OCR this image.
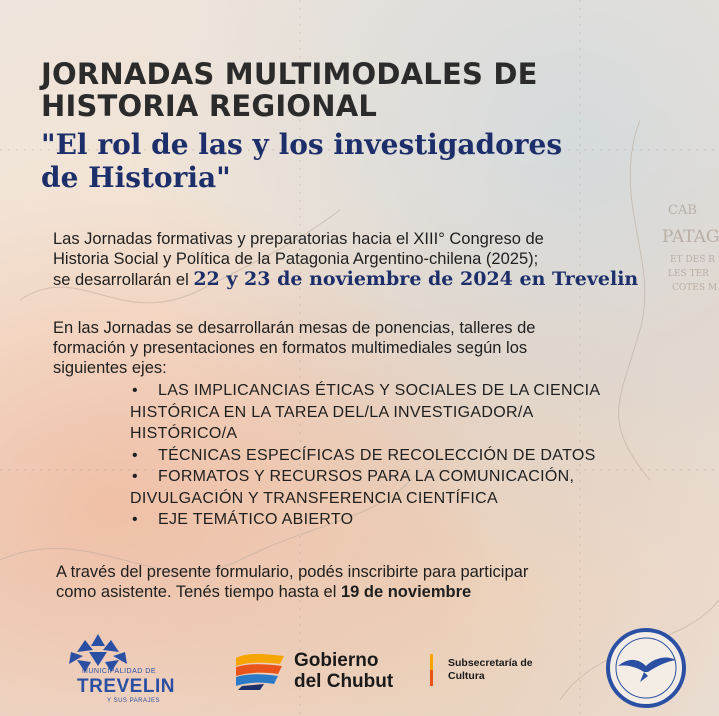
CAB
PATAG
ET DES R
LES TER
COTES M
JORNADAS MULTIMODALES DE
HISTORIA REGIONAL
"El rol de las y los investigadores
de Historia"

Las Jornadas formativas y preparatorias hacia el XIII° Congreso de
Historia Social y Política de la Patagonia Argentino-chilena (2025);
se desarrollarán el 22 y 23 de noviembre de 2024 en Trevelin

En las Jornadas se desarrollarán mesas de ponencias, talleres de
formación y presentaciones en formatos multimediales según los
siguientes ejes:

• LAS IMPLICANCIAS ÉTICAS Y SOCIALES DE LA CIENCIA
HISTÓRICA EN LA TAREA DEL/LA INVESTIGADOR/A
HISTÓRICO/A
• TÉCNICAS ESPECÍFICAS DE RECOLECCIÓN DE DATOS
• FORMATOS Y RECURSOS PARA LA COMUNICACIÓN,
DIVULGACIÓN Y TRANSFERENCIA CIENTÍFICA
• EJE TEMÁTICO ABIERTO

A través del presente formulario, podés inscribirte para participar
como asistente. Tenés tiempo hasta el 19 de noviembre

MUNICIPALIDAD DE
TREVELIN
Y SUS PARAJES
Gobierno
del Chubut
Subsecretaría de
Cultura
